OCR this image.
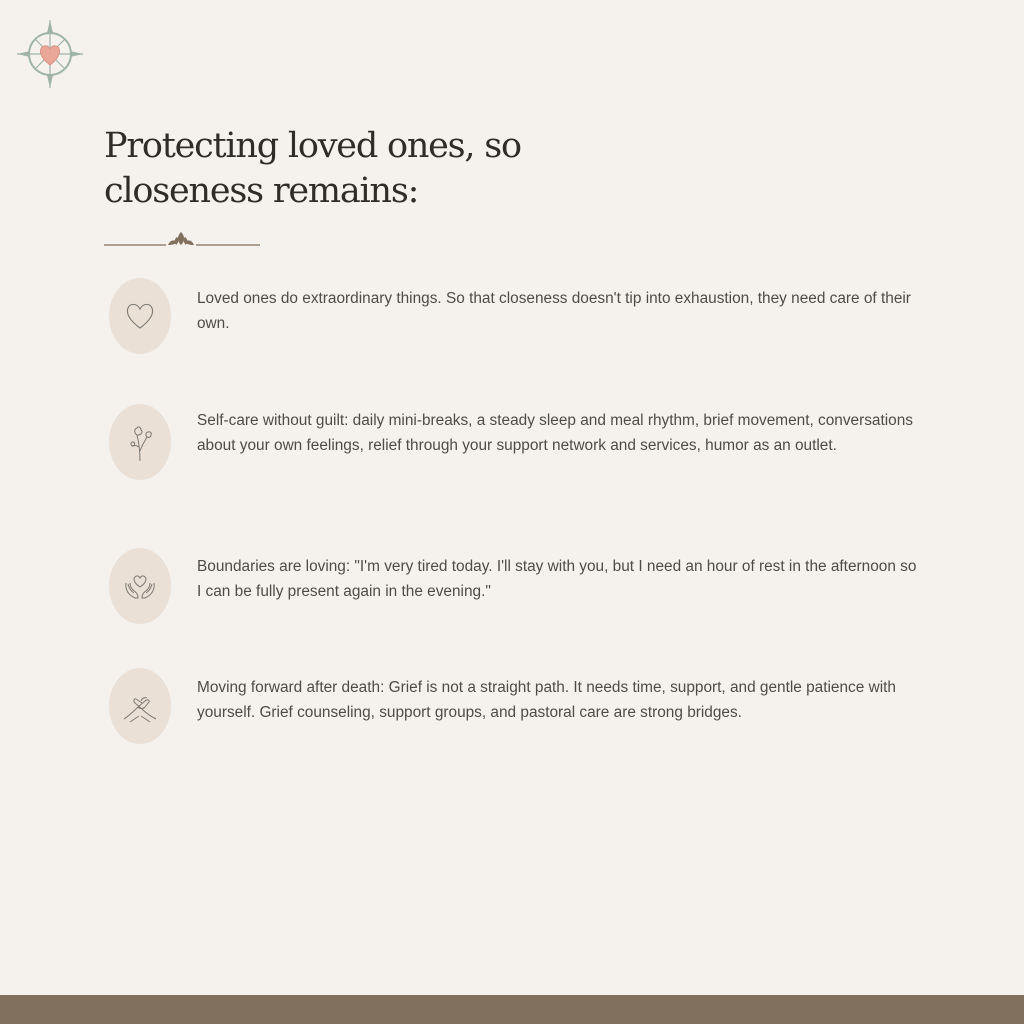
Protecting loved ones, so
closeness remains:

Loved ones do extraordinary things. So that closeness doesn't tip into exhaustion, they need care of their own.

Self-care without guilt: daily mini-breaks, a steady sleep and meal rhythm, brief movement, conversations about your own feelings, relief through your support network and services, humor as an outlet.

Boundaries are loving: "I'm very tired today. I'll stay with you, but I need an hour of rest in the afternoon so I can be fully present again in the evening."

Moving forward after death: Grief is not a straight path. It needs time, support, and gentle patience with yourself. Grief counseling, support groups, and pastoral care are strong bridges.
